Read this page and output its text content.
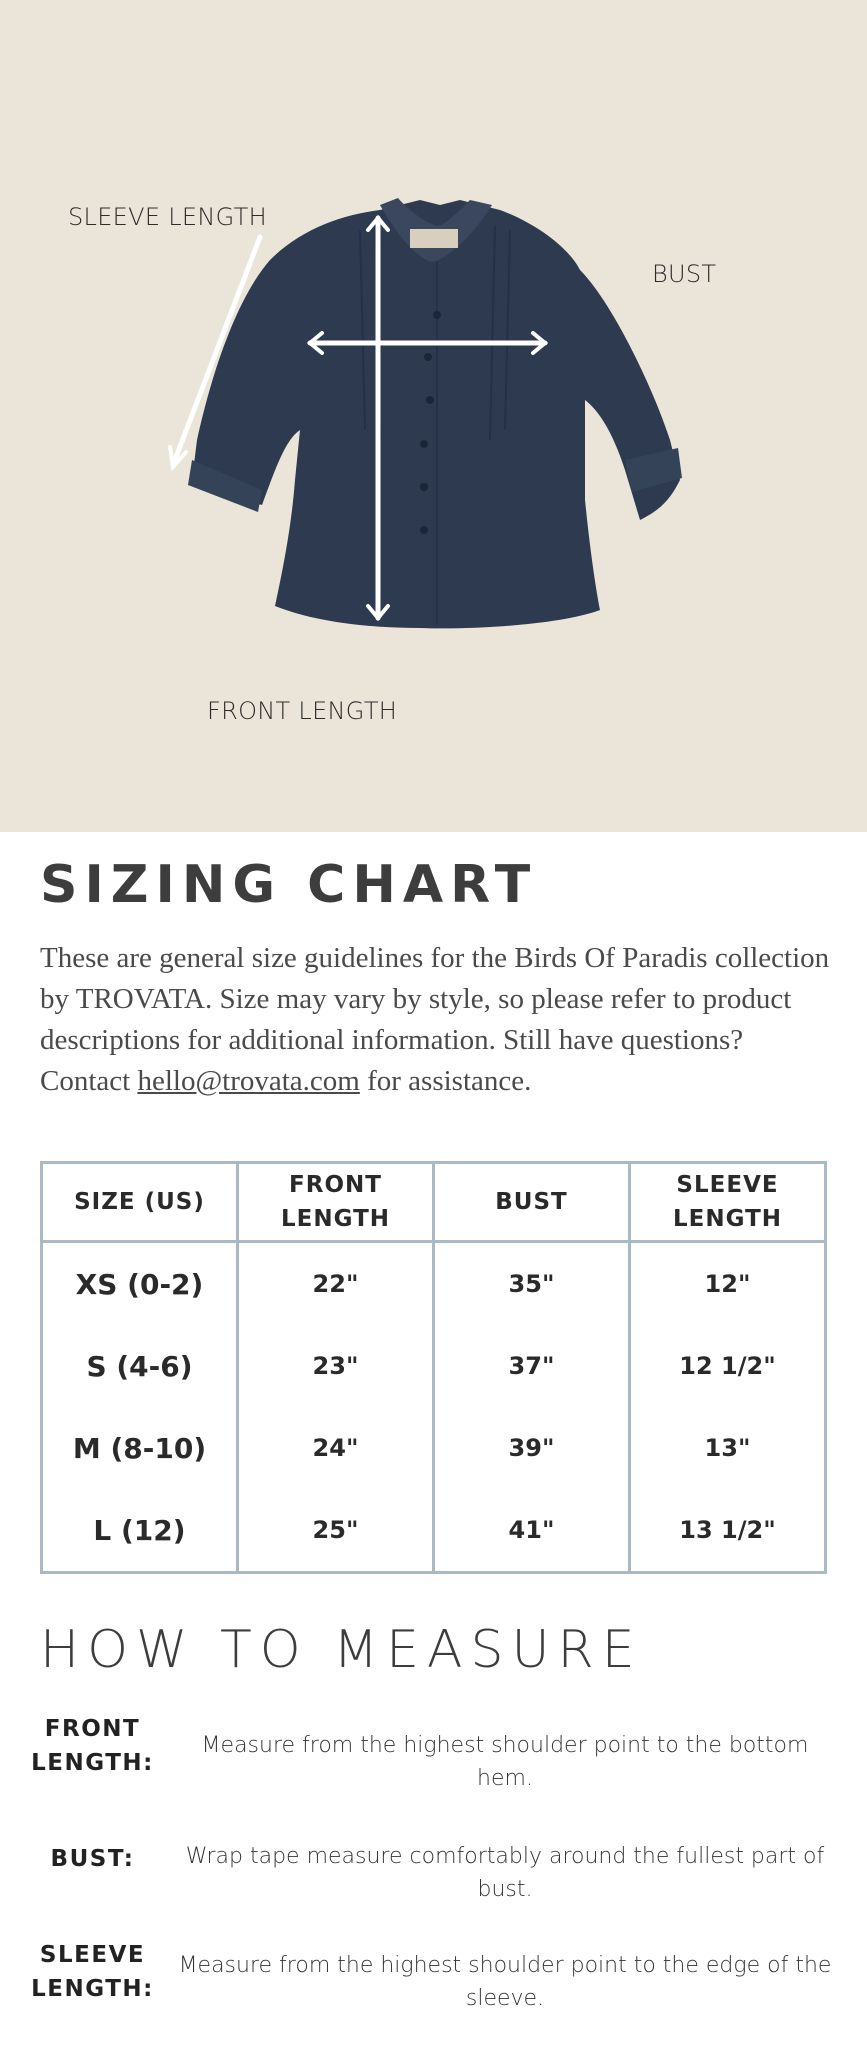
SLEEVE LENGTH
BUST
FRONT LENGTH
SIZING CHART

These are general size guidelines for the Birds Of Paradis collection by TROVATA. Size may vary by style, so please refer to product descriptions for additional information. Still have questions? Contact hello@trovata.com for assistance.

SIZE (US)	FRONT LENGTH	BUST	SLEEVE LENGTH
XS (0-2)	22"	35"	12"
S (4-6)	23"	37"	12 1/2"
M (8-10)	24"	39"	13"
L (12)	25"	41"	13 1/2"
HOW TO MEASURE
FRONT LENGTH:
Measure from the highest shoulder point to the bottom hem.
BUST:	Wrap tape measure comfortably around the fullest part of bust.
SLEEVE LENGTH:
Measure from the highest shoulder point to the edge of the sleeve.
